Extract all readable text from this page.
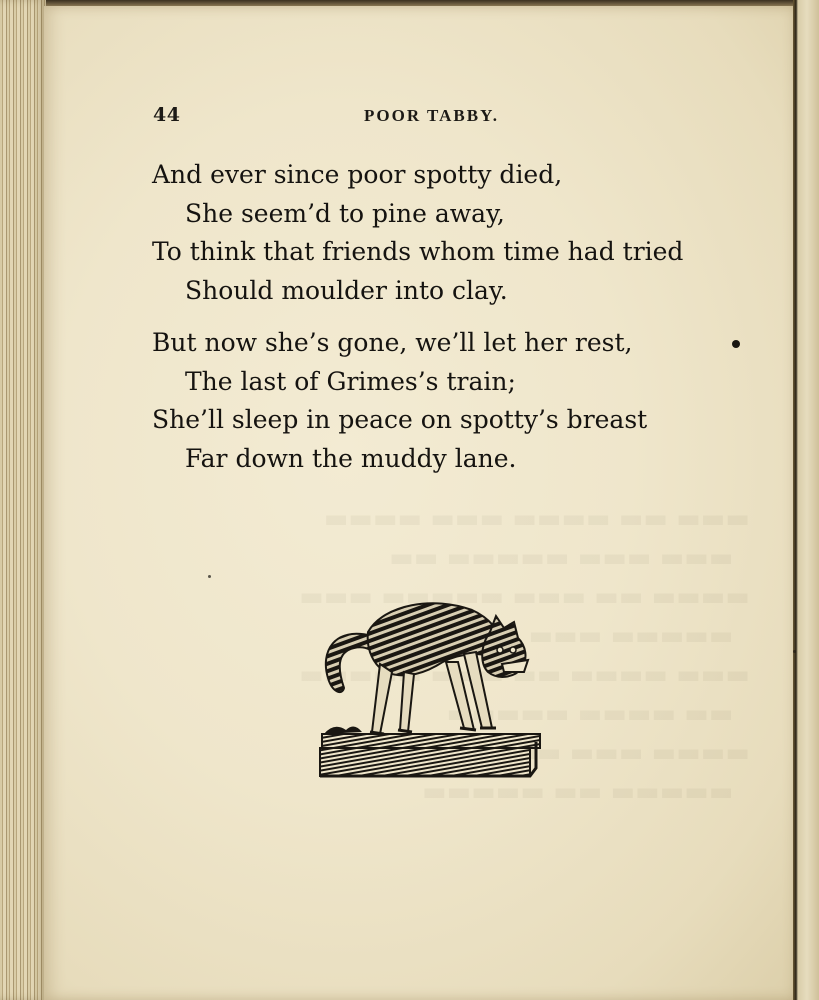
44	POOR TABBY.
And ever since poor spotty died,
She seem’d to pine away,
To think that friends whom time had tried
Should moulder into clay.
But now she’s gone, we’ll let her rest,
The last of Grimes’s train;
She’ll sleep in peace on spotty’s breast
Far down the muddy lane.
